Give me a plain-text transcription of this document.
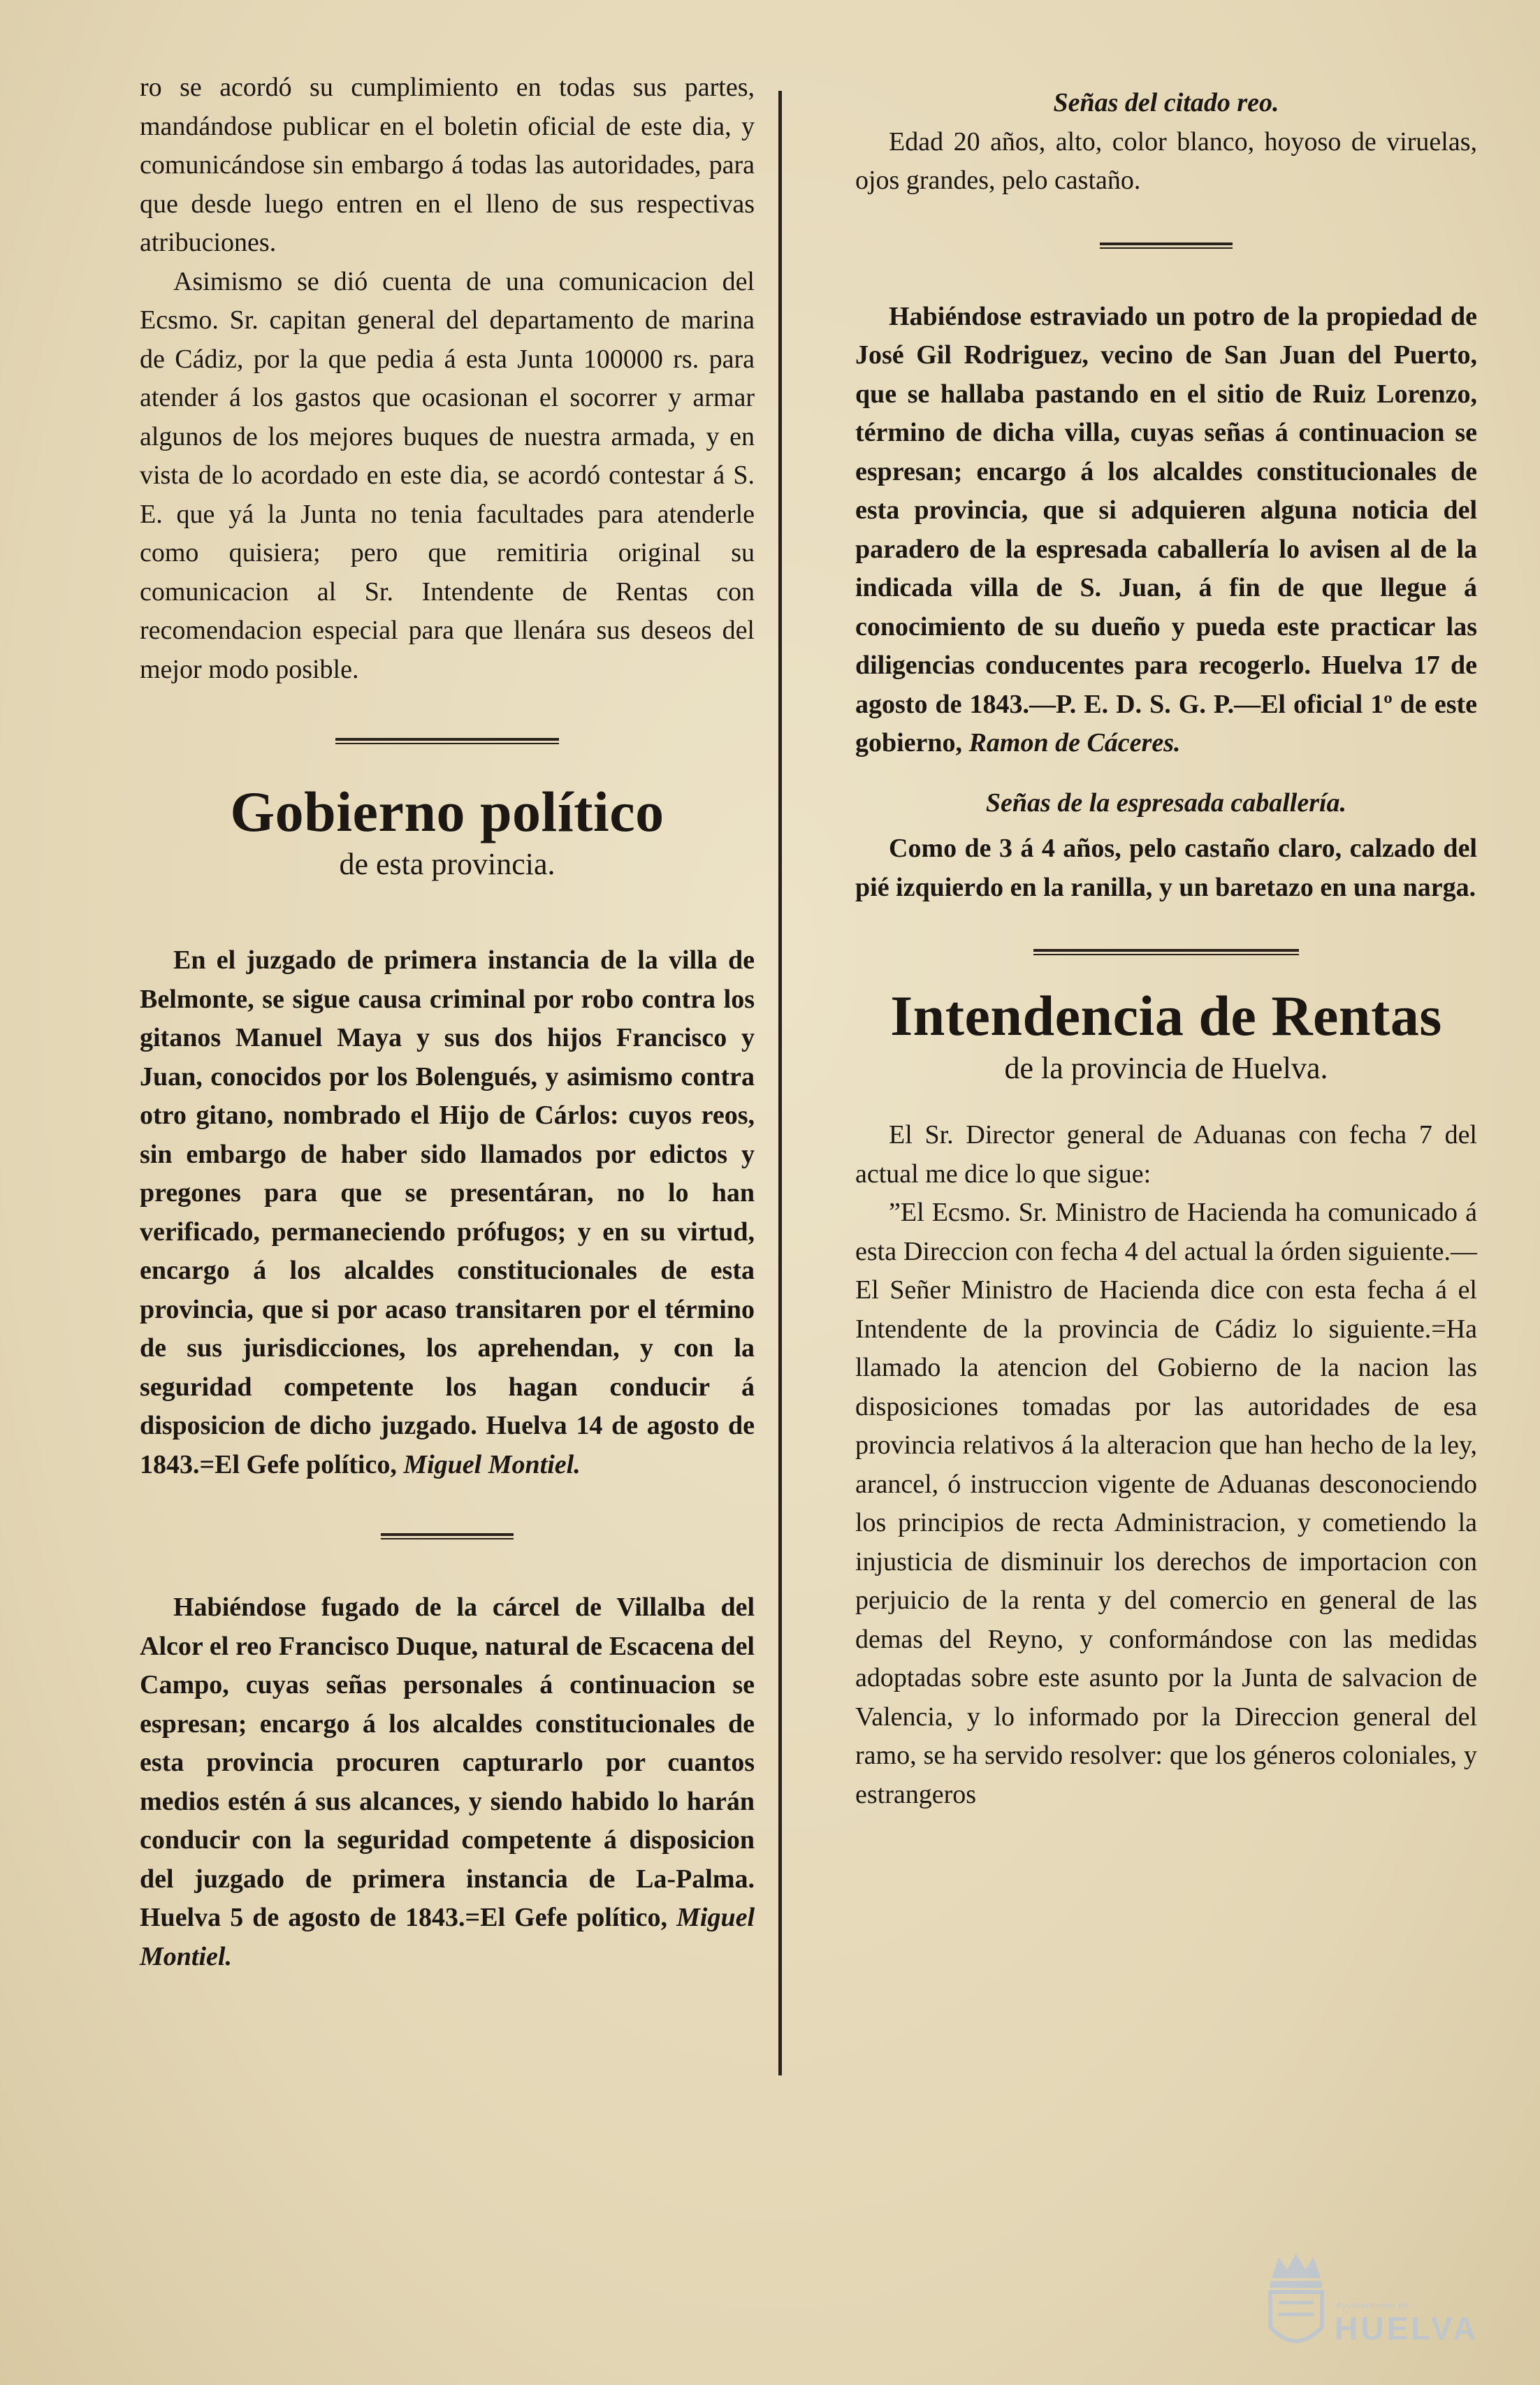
ro se acordó su cumplimiento en todas sus partes, mandándose publicar en el boletin oficial de este dia, y comunicándose sin embargo á todas las autoridades, para que desde luego entren en el lleno de sus respectivas atribuciones.

Asimismo se dió cuenta de una comunicacion del Ecsmo. Sr. capitan general del departamento de marina de Cádiz, por la que pedia á esta Junta 100000 rs. para atender á los gastos que ocasionan el socorrer y armar algunos de los mejores buques de nuestra armada, y en vista de lo acordado en este dia, se acordó contestar á S. E. que yá la Junta no tenia facultades para atenderle como quisiera; pero que remitiria original su comunicacion al Sr. Intendente de Rentas con recomendacion especial para que llenára sus deseos del mejor modo posible.

Gobierno político
de esta provincia.

En el juzgado de primera instancia de la villa de Belmonte, se sigue causa criminal por robo contra los gitanos Manuel Maya y sus dos hijos Francisco y Juan, conocidos por los Bolengués, y asimismo contra otro gitano, nombrado el Hijo de Cárlos: cuyos reos, sin embargo de haber sido llamados por edictos y pregones para que se presentáran, no lo han verificado, permaneciendo prófugos; y en su virtud, encargo á los alcaldes constitucionales de esta provincia, que si por acaso transitaren por el término de sus jurisdicciones, los aprehendan, y con la seguridad competente los hagan conducir á disposicion de dicho juzgado. Huelva 14 de agosto de 1843.=El Gefe político, Miguel Montiel.

Habiéndose fugado de la cárcel de Villalba del Alcor el reo Francisco Duque, natural de Escacena del Campo, cuyas señas personales á continuacion se espresan; encargo á los alcaldes constitucionales de esta provincia procuren capturarlo por cuantos medios estén á sus alcances, y siendo habido lo harán conducir con la seguridad competente á disposicion del juzgado de primera instancia de La-Palma. Huelva 5 de agosto de 1843.=El Gefe político, Miguel Montiel.

Señas del citado reo.

Edad 20 años, alto, color blanco, hoyoso de viruelas, ojos grandes, pelo castaño.

Habiéndose estraviado un potro de la propiedad de José Gil Rodriguez, vecino de San Juan del Puerto, que se hallaba pastando en el sitio de Ruiz Lorenzo, término de dicha villa, cuyas señas á continuacion se espresan; encargo á los alcaldes constitucionales de esta provincia, que si adquieren alguna noticia del paradero de la espresada caballería lo avisen al de la indicada villa de S. Juan, á fin de que llegue á conocimiento de su dueño y pueda este practicar las diligencias conducentes para recogerlo. Huelva 17 de agosto de 1843.—P. E. D. S. G. P.—El oficial 1º de este gobierno, Ramon de Cáceres.

Señas de la espresada caballería.

Como de 3 á 4 años, pelo castaño claro, calzado del pié izquierdo en la ranilla, y un baretazo en una narga.

Intendencia de Rentas
de la provincia de Huelva.

El Sr. Director general de Aduanas con fecha 7 del actual me dice lo que sigue:

”El Ecsmo. Sr. Ministro de Hacienda ha comunicado á esta Direccion con fecha 4 del actual la órden siguiente.—El Señer Ministro de Hacienda dice con esta fecha á el Intendente de la provincia de Cádiz lo siguiente.=Ha llamado la atencion del Gobierno de la nacion las disposiciones tomadas por las autoridades de esa provincia relativos á la alteracion que han hecho de la ley, arancel, ó instruccion vigente de Aduanas desconociendo los principios de recta Administracion, y cometiendo la injusticia de disminuir los derechos de importacion con perjuicio de la renta y del comercio en general de las demas del Reyno, y conformándose con las medidas adoptadas sobre este asunto por la Junta de salvacion de Valencia, y lo informado por la Direccion general del ramo, se ha servido resolver: que los géneros coloniales, y estrangeros

Ayuntamiento de
HUELVA
